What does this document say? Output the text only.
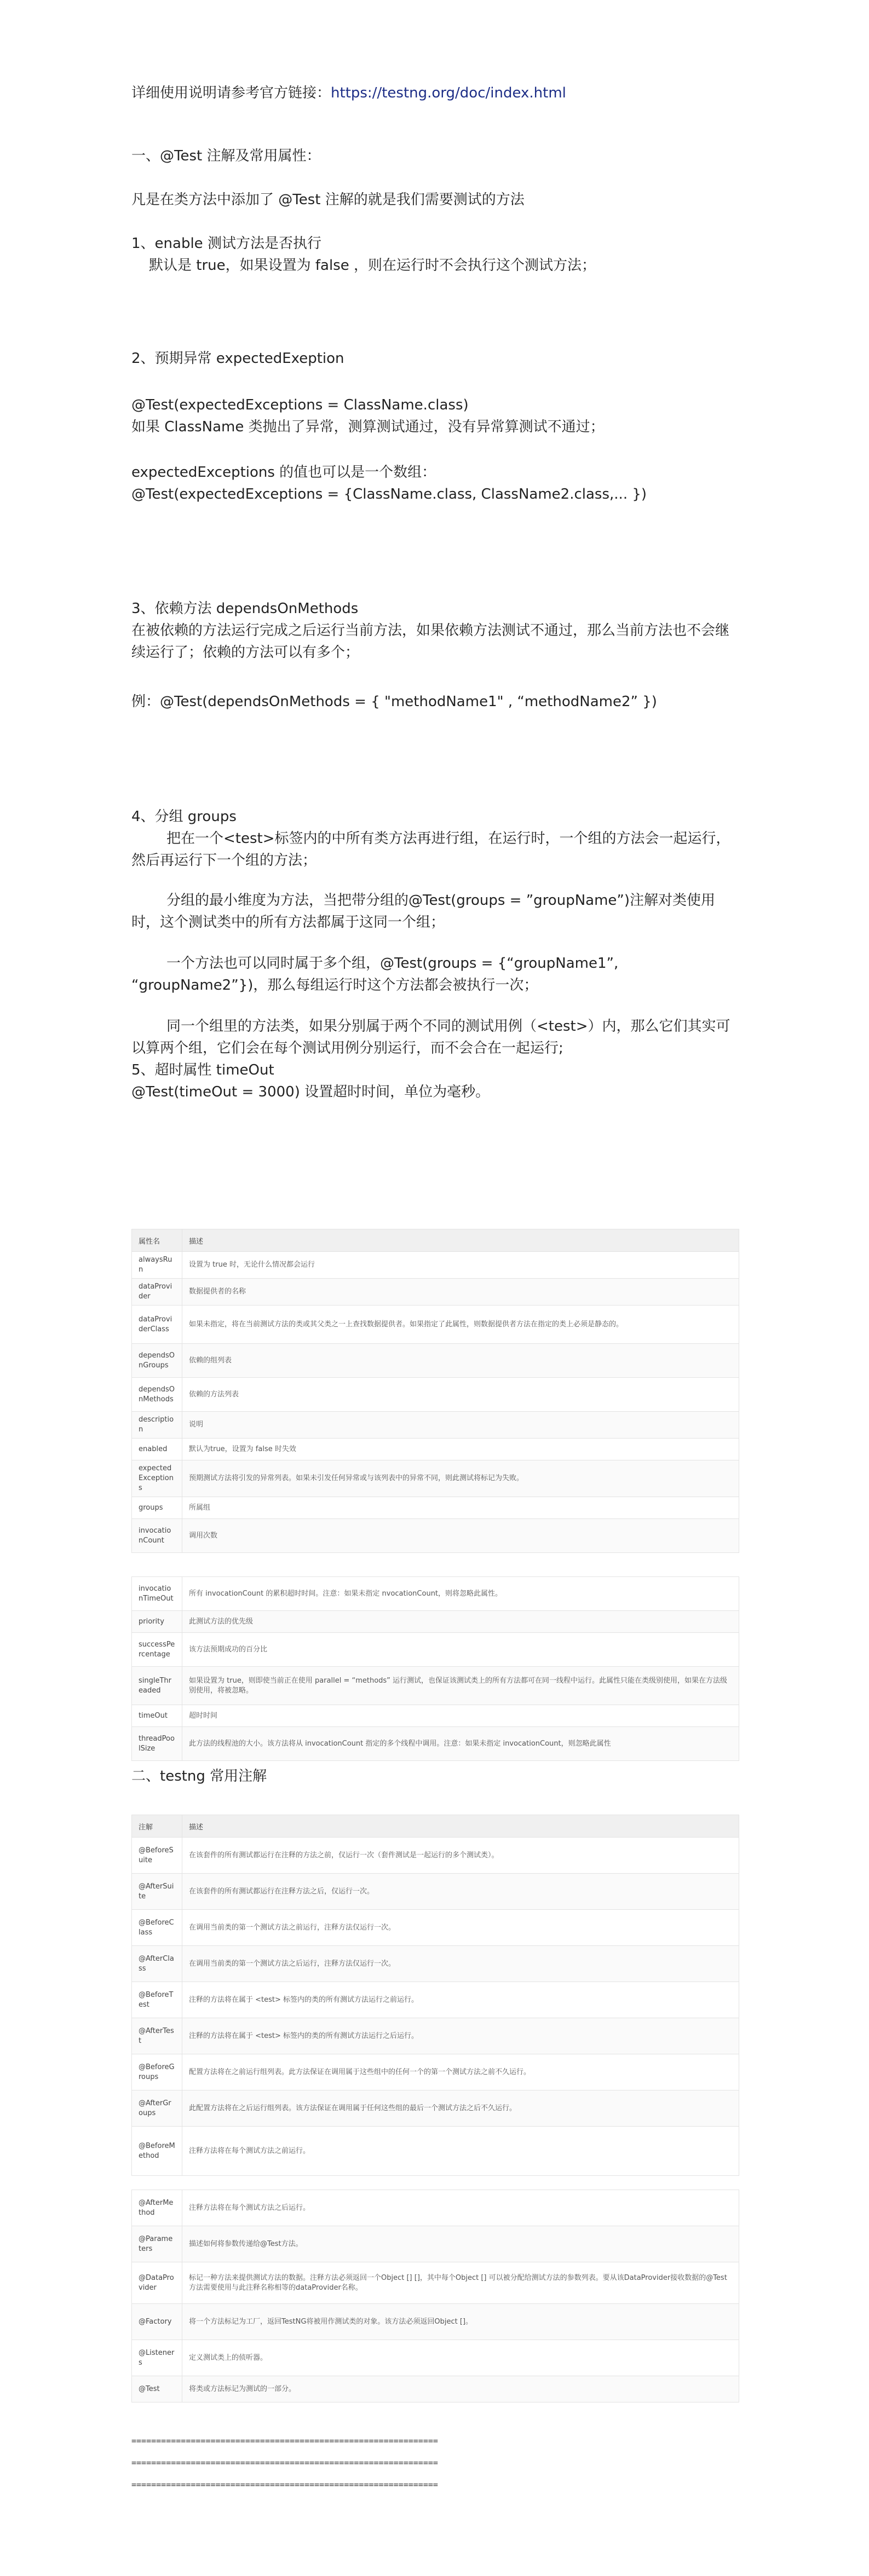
详细使用说明请参考官方链接：https://testng.org/doc/index.html
一、@Test 注解及常用属性：
凡是在类方法中添加了 @Test 注解的就是我们需要测试的方法
1、enable 测试方法是否执行
默认是 true，如果设置为 false ，则在运行时不会执行这个测试方法；
2、预期异常 expectedExeption
@Test(expectedExceptions = ClassName.class)
如果 ClassName 类抛出了异常，测算测试通过，没有异常算测试不通过；
expectedExceptions 的值也可以是一个数组：
@Test(expectedExceptions = {ClassName.class, ClassName2.class,... })
3、依赖方法 dependsOnMethods
在被依赖的方法运行完成之后运行当前方法，如果依赖方法测试不通过，那么当前方法也不会继续运行了；依赖的方法可以有多个；
例：@Test(dependsOnMethods = { "methodName1" , “methodName2” })
4、分组 groups
把在一个<test>标签内的中所有类方法再进行组，在运行时，一个组的方法会一起运行，然后再运行下一个组的方法；
分组的最小维度为方法，当把带分组的@Test(groups = ”groupName”)注解对类使用时，这个测试类中的所有方法都属于这同一个组；
一个方法也可以同时属于多个组，@Test(groups = {“groupName1”, “groupName2”})，那么每组运行时这个方法都会被执行一次；
同一个组里的方法类，如果分别属于两个不同的测试用例（<test>）内，那么它们其实可以算两个组，它们会在每个测试用例分别运行，而不会合在一起运行;
5、超时属性 timeOut
@Test(timeOut = 3000) 设置超时时间，单位为毫秒。
属性名	描述
alwaysRun	设置为 true 时，无论什么情况都会运行
dataProvider	数据提供者的名称
dataProviderClass	如果未指定，将在当前测试方法的类或其父类之一上查找数据提供者。如果指定了此属性，则数据提供者方法在指定的类上必须是静态的。
dependsOnGroups	依赖的组列表
dependsOnMethods	依赖的方法列表
description	说明
enabled	默认为true，设置为 false 时失效
expectedExceptions	预期测试方法将引发的异常列表。如果未引发任何异常或与该列表中的异常不同，则此测试将标记为失败。
groups	所属组
invocationCount	调用次数
invocationTimeOut	所有 invocationCount 的累积超时时间。注意：如果未指定 nvocationCount，则将忽略此属性。
priority	此测试方法的优先级
successPercentage	该方法预期成功的百分比
singleThreaded	如果设置为 true，则即使当前正在使用 parallel = “methods” 运行测试，也保证该测试类上的所有方法都可在同一线程中运行。此属性只能在类级别使用，如果在方法级别使用，将被忽略。
timeOut	超时时间
threadPoolSize	此方法的线程池的大小。该方法将从 invocationCount 指定的多个线程中调用。注意：如果未指定 invocationCount，则忽略此属性
二、testng 常用注解
注解	描述
@BeforeSuite	在该套件的所有测试都运行在注释的方法之前，仅运行一次（套件测试是一起运行的多个测试类）。
@AfterSuite	在该套件的所有测试都运行在注释方法之后，仅运行一次。
@BeforeClass	在调用当前类的第一个测试方法之前运行，注释方法仅运行一次。
@AfterClass	在调用当前类的第一个测试方法之后运行，注释方法仅运行一次。
@BeforeTest	注释的方法将在属于 <test> 标签内的类的所有测试方法运行之前运行。
@AfterTest	注释的方法将在属于 <test> 标签内的类的所有测试方法运行之后运行。
@BeforeGroups	配置方法将在之前运行组列表。此方法保证在调用属于这些组中的任何一个的第一个测试方法之前不久运行。
@AfterGroups	此配置方法将在之后运行组列表。该方法保证在调用属于任何这些组的最后一个测试方法之后不久运行。
@BeforeMethod	注释方法将在每个测试方法之前运行。
@AfterMethod	注释方法将在每个测试方法之后运行。
@Parameters	描述如何将参数传递给@Test方法。
@DataProvider	标记一种方法来提供测试方法的数据。注释方法必须返回一个Object [] []，其中每个Object [] 可以被分配给测试方法的参数列表。要从该DataProvider接收数据的@Test方法需要使用与此注释名称相等的dataProvider名称。
@Factory	将一个方法标记为工厂，返回TestNG将被用作测试类的对象。该方法必须返回Object []。
@Listeners	定义测试类上的侦听器。
@Test	将类或方法标记为测试的一部分。
==============================================================
==============================================================
==============================================================
